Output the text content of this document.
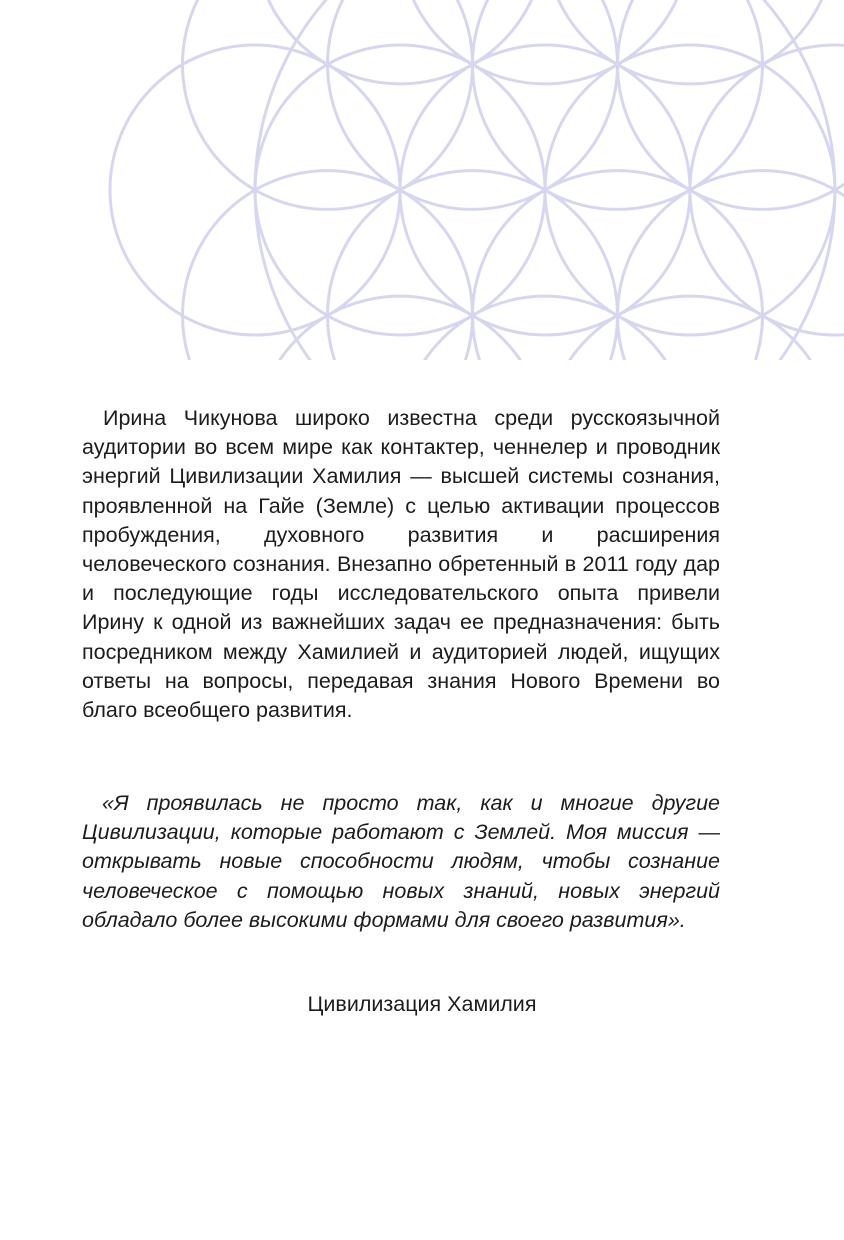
Ирина Чикунова широко известна среди русскоязычной аудитории во всем мире как контактер, ченнелер и проводник энергий Цивилизации Хамилия — высшей системы сознания, проявленной на Гайе (Земле) с целью активации процессов пробуждения, духовного развития и расширения человеческого сознания. Внезапно обретенный в 2011 году дар и последующие годы исследовательского опыта привели Ирину к одной из важнейших задач ее предназначения: быть посредником между Хамилией и аудиторией людей, ищущих ответы на вопросы, передавая знания Нового Времени во благо всеобщего развития.

«Я проявилась не просто так, как и многие другие Цивилизации, которые работают с Землей. Моя миссия — открывать новые способности людям, чтобы сознание человеческое с помощью новых знаний, новых энергий обладало более высокими формами для своего развития».

Цивилизация Хамилия
